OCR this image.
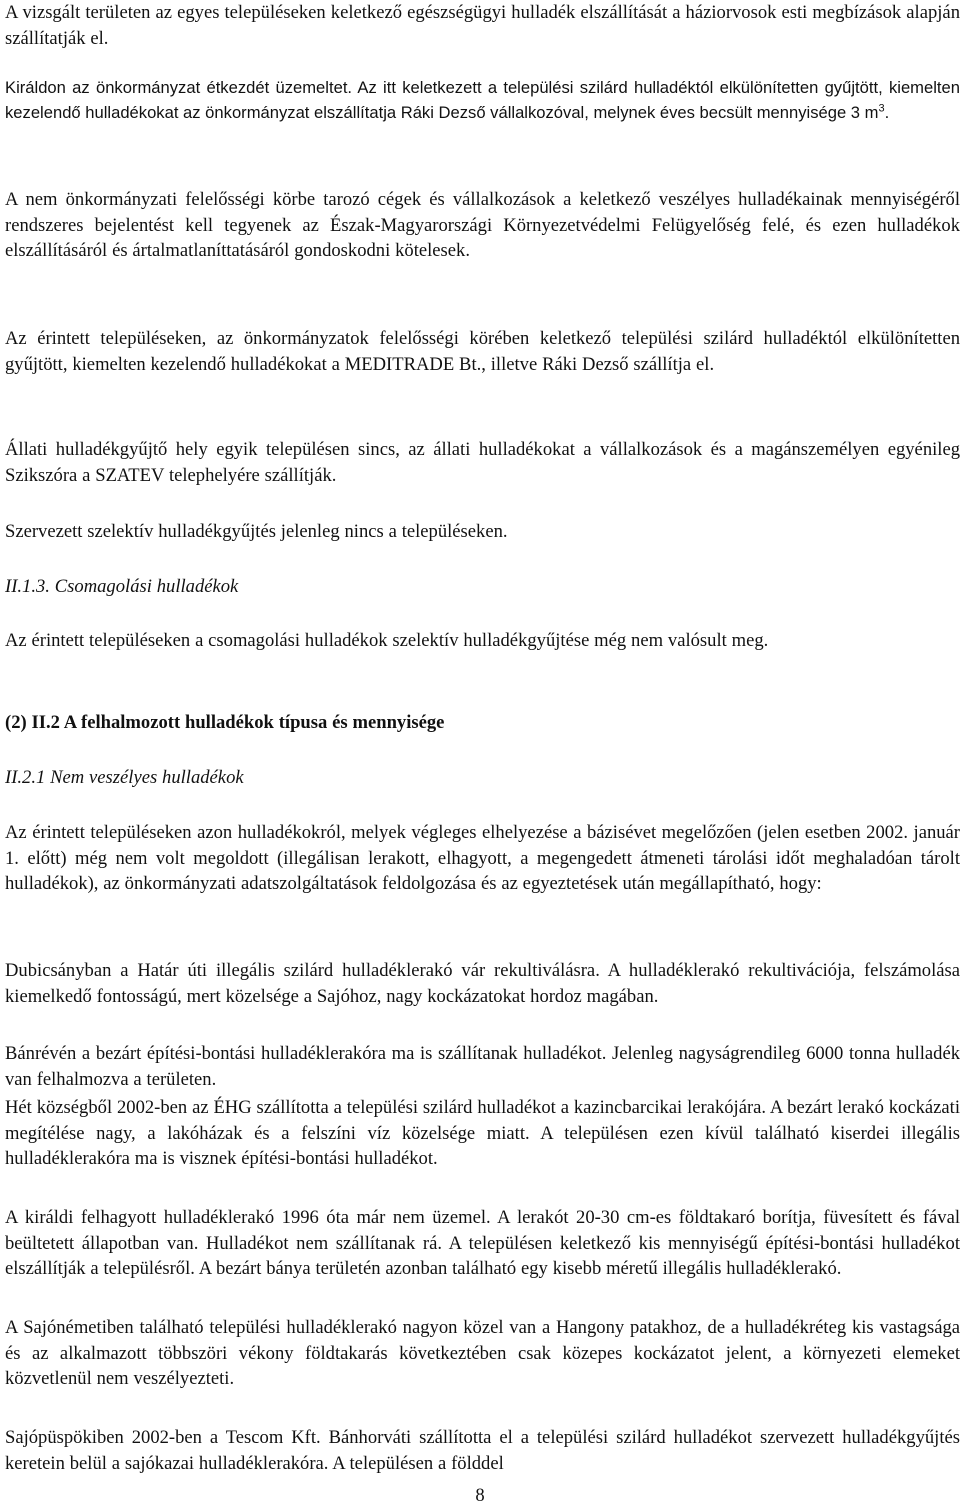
A vizsgált területen az egyes településeken keletkező egészségügyi hulladék elszállítását a háziorvosok esti megbízások alapján szállítatják el.

Királdon az önkormányzat étkezdét üzemeltet. Az itt keletkezett a települési szilárd hulladéktól elkülönítetten gyűjtött, kiemelten kezelendő hulladékokat az önkormányzat elszállítatja Ráki Dezső vállalkozóval, melynek éves becsült mennyisége 3 $m^3$.

A nem önkormányzati felelősségi körbe tarozó cégek és vállalkozások a keletkező veszélyes hulladékainak mennyiségéről rendszeres bejelentést kell tegyenek az Észak-Magyarországi Környezetvédelmi Felügyelőség felé, és ezen hulladékok elszállításáról és ártalmatlaníttatásáról gondoskodni kötelesek.

Az érintett településeken, az önkormányzatok felelősségi körében keletkező települési szilárd hulladéktól elkülönítetten gyűjtött, kiemelten kezelendő hulladékokat a MEDITRADE Bt., illetve Ráki Dezső szállítja el.

Állati hulladékgyűjtő hely egyik településen sincs, az állati hulladékokat a vállalkozások és a magánszemélyen egyénileg Szikszóra a SZATEV telephelyére szállítják.

Szervezett szelektív hulladékgyűjtés jelenleg nincs a településeken.

II.1.3. Csomagolási hulladékok

Az érintett településeken a csomagolási hulladékok szelektív hulladékgyűjtése még nem valósult meg.

(2) II.2 A felhalmozott hulladékok típusa és mennyisége

II.2.1 Nem veszélyes hulladékok

Az érintett településeken azon hulladékokról, melyek végleges elhelyezése a bázisévet megelőzően (jelen esetben 2002. január 1. előtt) még nem volt megoldott (illegálisan lerakott, elhagyott, a megengedett átmeneti tárolási időt meghaladóan tárolt hulladékok), az önkormányzati adatszolgáltatások feldolgozása és az egyeztetések után megállapítható, hogy:

Dubicsányban a Határ úti illegális szilárd hulladéklerakó vár rekultiválásra. A hulladéklerakó rekultivációja, felszámolása kiemelkedő fontosságú, mert közelsége a Sajóhoz, nagy kockázatokat hordoz magában.

Bánrévén a bezárt építési-bontási hulladéklerakóra ma is szállítanak hulladékot. Jelenleg nagyságrendileg 6000 tonna hulladék van felhalmozva a területen.

Hét községből 2002-ben az ÉHG szállította a települési szilárd hulladékot a kazincbarcikai lerakójára. A bezárt lerakó kockázati megítélése nagy, a lakóházak és a felszíni víz közelsége miatt. A településen ezen kívül található kiserdei illegális hulladéklerakóra ma is visznek építési-bontási hulladékot.

A királdi felhagyott hulladéklerakó 1996 óta már nem üzemel. A lerakót 20-30 cm-es földtakaró borítja, füvesített és fával beültetett állapotban van. Hulladékot nem szállítanak rá. A településen keletkező kis mennyiségű építési-bontási hulladékot elszállítják a településről. A bezárt bánya területén azonban található egy kisebb méretű illegális hulladéklerakó.

A Sajónémetiben található települési hulladéklerakó nagyon közel van a Hangony patakhoz, de a hulladékréteg kis vastagsága és az alkalmazott többszöri vékony földtakarás következtében csak közepes kockázatot jelent, a környezeti elemeket közvetlenül nem veszélyezteti.

Sajópüspökiben 2002-ben a Tescom Kft. Bánhorváti szállította el a települési szilárd hulladékot szervezett hulladékgyűjtés keretein belül a sajókazai hulladéklerakóra. A településen a földdel

8
